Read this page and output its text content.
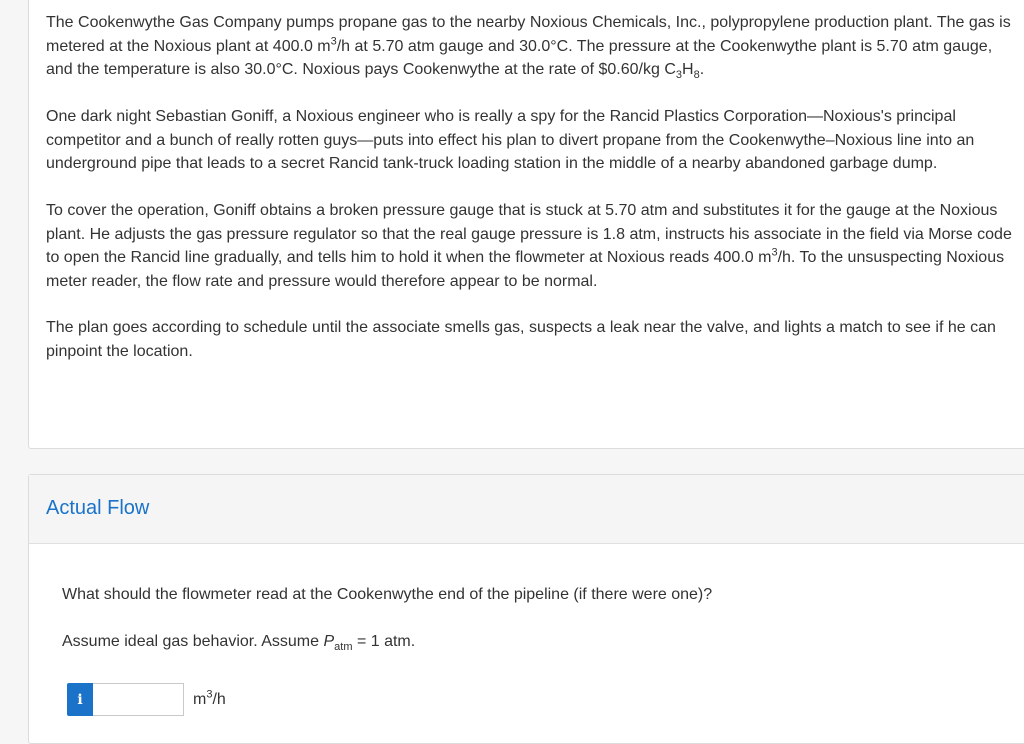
The Cookenwythe Gas Company pumps propane gas to the nearby Noxious Chemicals, Inc., polypropylene production plant. The gas is metered at the Noxious plant at 400.0 $m^3/h$ at 5.70 atm gauge and 30.0°C. The pressure at the Cookenwythe plant is 5.70 atm gauge, and the temperature is also 30.0°C. Noxious pays Cookenwythe at the rate of $0.60/kg $C_3H_8$.

One dark night Sebastian Goniff, a Noxious engineer who is really a spy for the Rancid Plastics Corporation—Noxious's principal competitor and a bunch of really rotten guys—puts into effect his plan to divert propane from the Cookenwythe–Noxious line into an underground pipe that leads to a secret Rancid tank-truck loading station in the middle of a nearby abandoned garbage dump.

To cover the operation, Goniff obtains a broken pressure gauge that is stuck at 5.70 atm and substitutes it for the gauge at the Noxious plant. He adjusts the gas pressure regulator so that the real gauge pressure is 1.8 atm, instructs his associate in the field via Morse code to open the Rancid line gradually, and tells him to hold it when the flowmeter at Noxious reads 400.0 $m^3/h$. To the unsuspecting Noxious meter reader, the flow rate and pressure would therefore appear to be normal.

The plan goes according to schedule until the associate smells gas, suspects a leak near the valve, and lights a match to see if he can pinpoint the location.

Actual Flow

What should the flowmeter read at the Cookenwythe end of the pipeline (if there were one)?

Assume ideal gas behavior. Assume $P_{atm} = 1$ atm.

i	$m^3/h$
